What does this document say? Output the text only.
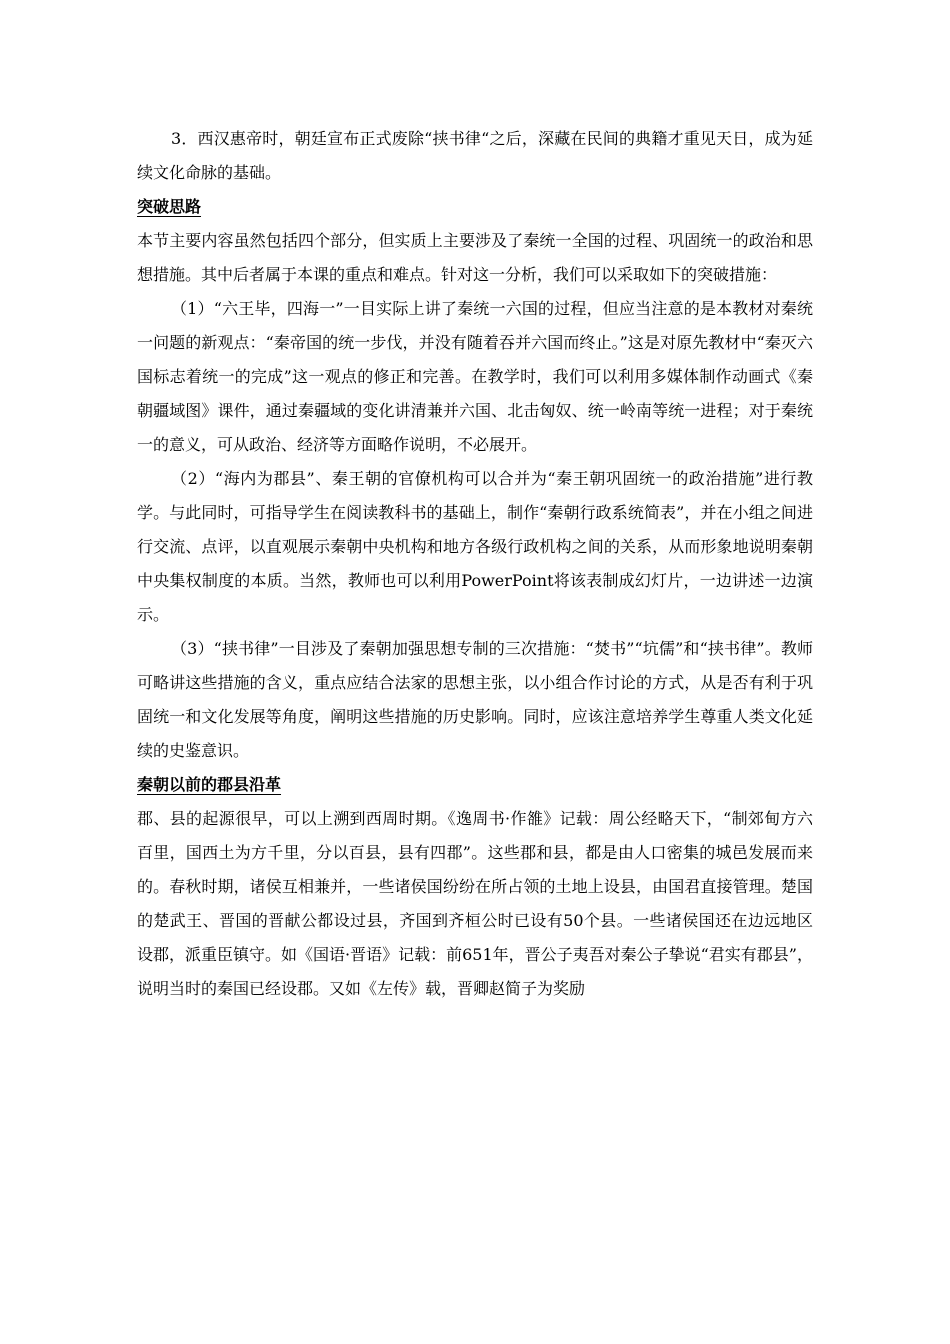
3．西汉惠帝时，朝廷宣布正式废除“挟书律“之后，深藏在民间的典籍才重见天日，成为延续文化命脉的基础。

突破思路

本节主要内容虽然包括四个部分，但实质上主要涉及了秦统一全国的过程、巩固统一的政治和思想措施。其中后者属于本课的重点和难点。针对这一分析，我们可以采取如下的突破措施：

（1）“六王毕，四海一”一目实际上讲了秦统一六国的过程，但应当注意的是本教材对秦统一问题的新观点：“秦帝国的统一步伐，并没有随着吞并六国而终止。”这是对原先教材中“秦灭六国标志着统一的完成”这一观点的修正和完善。在教学时，我们可以利用多媒体制作动画式《秦朝疆域图》课件，通过秦疆域的变化讲清兼并六国、北击匈奴、统一岭南等统一进程；对于秦统一的意义，可从政治、经济等方面略作说明，不必展开。

（2）“海内为郡县”、秦王朝的官僚机构可以合并为“秦王朝巩固统一的政治措施”进行教学。与此同时，可指导学生在阅读教科书的基础上，制作“秦朝行政系统简表”，并在小组之间进行交流、点评，以直观展示秦朝中央机构和地方各级行政机构之间的关系，从而形象地说明秦朝中央集权制度的本质。当然，教师也可以利用PowerPoint将该表制成幻灯片，一边讲述一边演示。

（3）“挟书律”一目涉及了秦朝加强思想专制的三次措施：“焚书”“坑儒”和“挟书律”。教师可略讲这些措施的含义，重点应结合法家的思想主张，以小组合作讨论的方式，从是否有利于巩固统一和文化发展等角度，阐明这些措施的历史影响。同时，应该注意培养学生尊重人类文化延续的史鉴意识。

秦朝以前的郡县沿革

郡、县的起源很早，可以上溯到西周时期。《逸周书·作雒》记载：周公经略天下，“制郊甸方六百里，国西土为方千里，分以百县，县有四郡”。这些郡和县，都是由人口密集的城邑发展而来的。春秋时期，诸侯互相兼并，一些诸侯国纷纷在所占领的土地上设县，由国君直接管理。楚国的楚武王、晋国的晋献公都设过县，齐国到齐桓公时已设有50个县。一些诸侯国还在边远地区设郡，派重臣镇守。如《国语·晋语》记载：前651年，晋公子夷吾对秦公子挚说“君实有郡县”，说明当时的秦国已经设郡。又如《左传》载，晋卿赵简子为奖励
